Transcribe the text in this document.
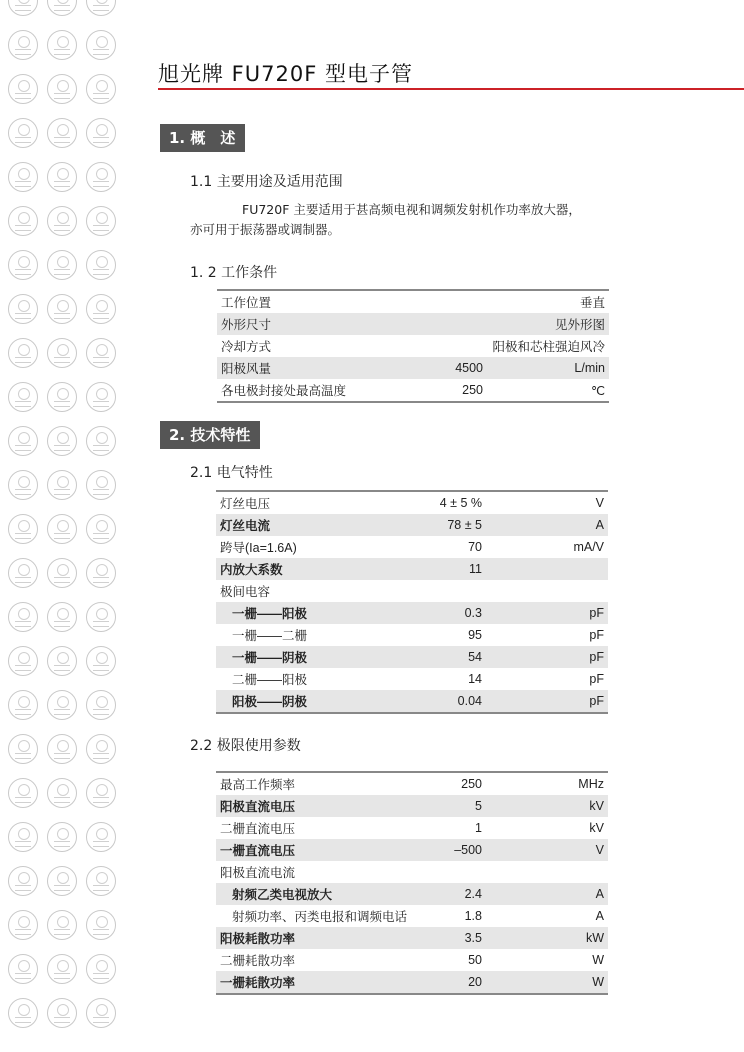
旭光牌 FU720F 型电子管
1. 概　述
1.1 主要用途及适用范围
FU720F 主要适用于甚高频电视和调频发射机作功率放大器，
亦可用于振荡器或调制器。
1. 2 工作条件
工作位置		垂直
外形尺寸		见外形图
冷却方式		阳极和芯柱强迫风冷
阳极风量	4500	L/min
各电极封接处最高温度	250	℃
2. 技术特性
2.1 电气特性
灯丝电压	4 ± 5 %	V
灯丝电流	78 ± 5	A
跨导(Ia=1.6A)	70	mA/V
内放大系数	11	
极间电容		
一栅——阳极	0.3	pF
一栅——二栅	95	pF
一栅——阴极	54	pF
二栅——阳极	14	pF
阳极——阴极	0.04	pF
2.2 极限使用参数
最高工作频率	250	MHz
阳极直流电压	5	kV
二栅直流电压	1	kV
一栅直流电压	–500	V
阳极直流电流		
射频乙类电视放大	2.4	A
射频功率、丙类电报和调频电话	1.8	A
阳极耗散功率	3.5	kW
二栅耗散功率	50	W
一栅耗散功率	20	W
